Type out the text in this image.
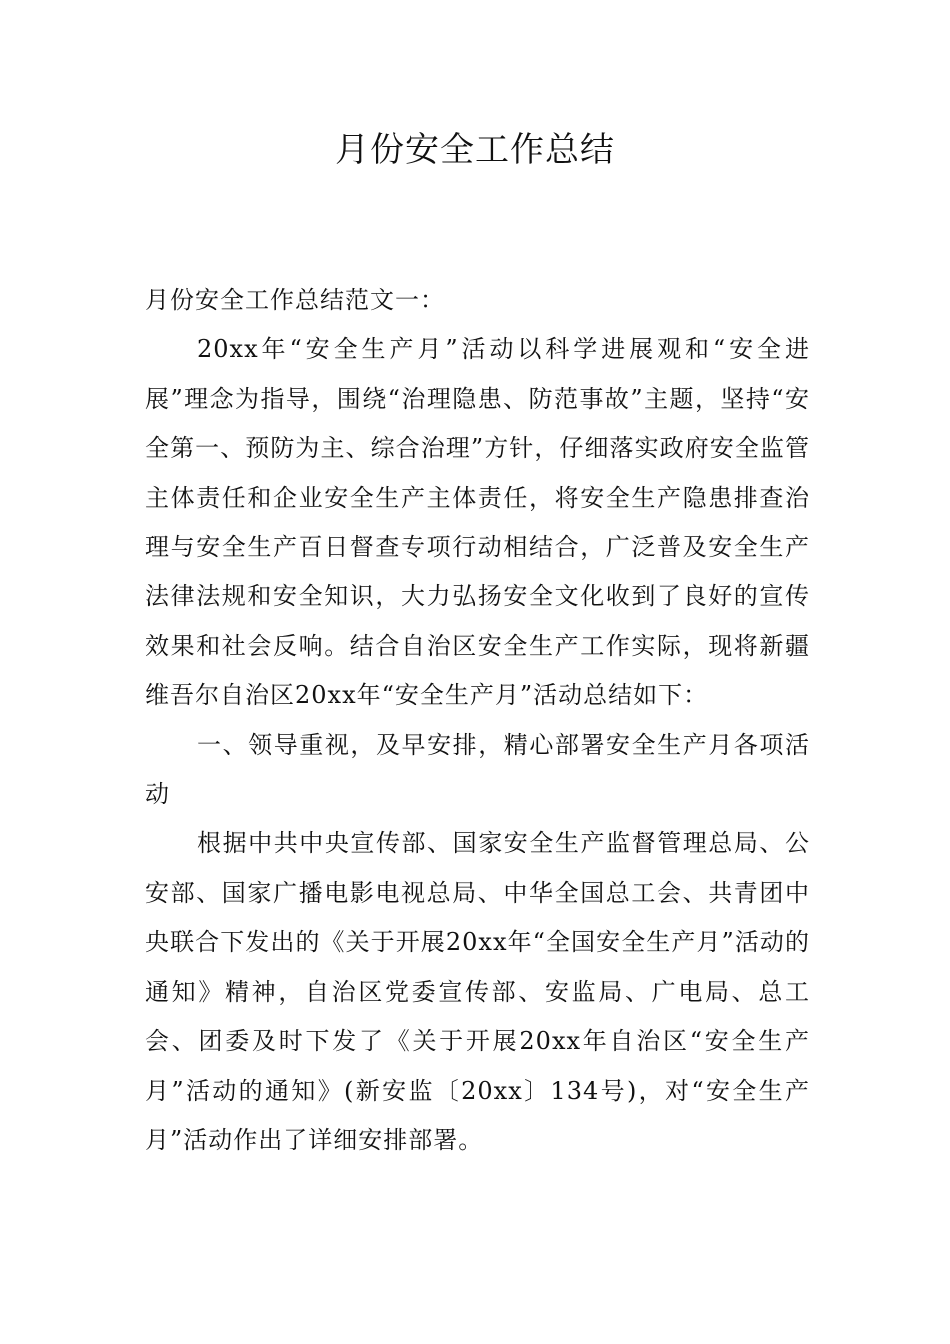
月份安全工作总结

月份安全工作总结范文一：

20xx年“安全生产月”活动以科学进展观和“安全进展”理念为指导，围绕“治理隐患、防范事故”主题，坚持“安全第一、预防为主、综合治理”方针，仔细落实政府安全监管主体责任和企业安全生产主体责任，将安全生产隐患排查治理与安全生产百日督查专项行动相结合，广泛普及安全生产法律法规和安全知识，大力弘扬安全文化收到了良好的宣传效果和社会反响。结合自治区安全生产工作实际，现将新疆维吾尔自治区20xx年“安全生产月”活动总结如下：

一、领导重视，及早安排，精心部署安全生产月各项活动

根据中共中央宣传部、国家安全生产监督管理总局、公安部、国家广播电影电视总局、中华全国总工会、共青团中央联合下发出的《关于开展20xx年“全国安全生产月”活动的通知》精神，自治区党委宣传部、安监局、广电局、总工会、团委及时下发了《关于开展20xx年自治区“安全生产月”活动的通知》(新安监〔20xx〕134号)，对“安全生产月”活动作出了详细安排部署。
